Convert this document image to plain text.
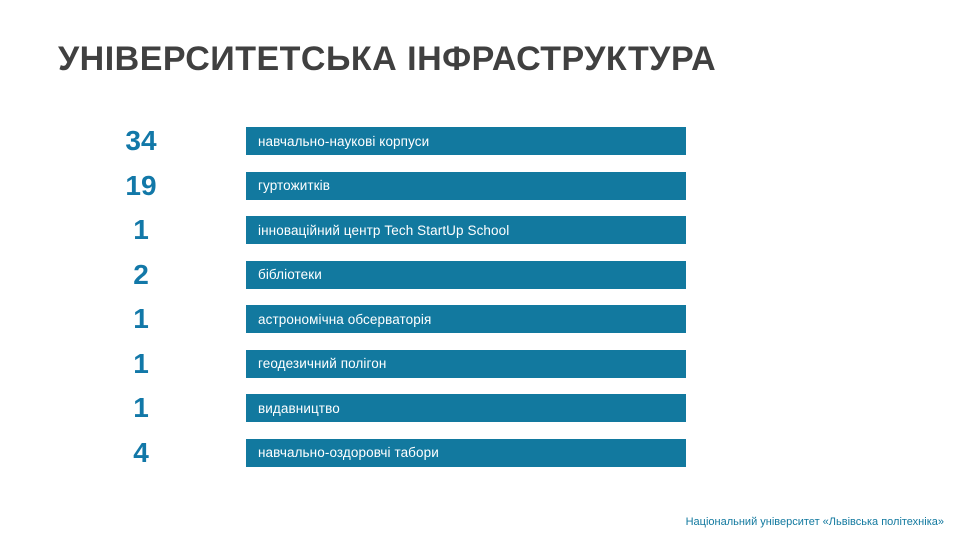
УНІВЕРСИТЕТСЬКА ІНФРАСТРУКТУРА
34	навчально-наукові корпуси
19	гуртожитків
1	інноваційний центр Tech StartUp School
2	бібліотеки
1	астрономічна обсерваторія
1	геодезичний полігон
1	видавництво
4	навчально-оздоровчі табори
Національний університет «Львівська політехніка»
